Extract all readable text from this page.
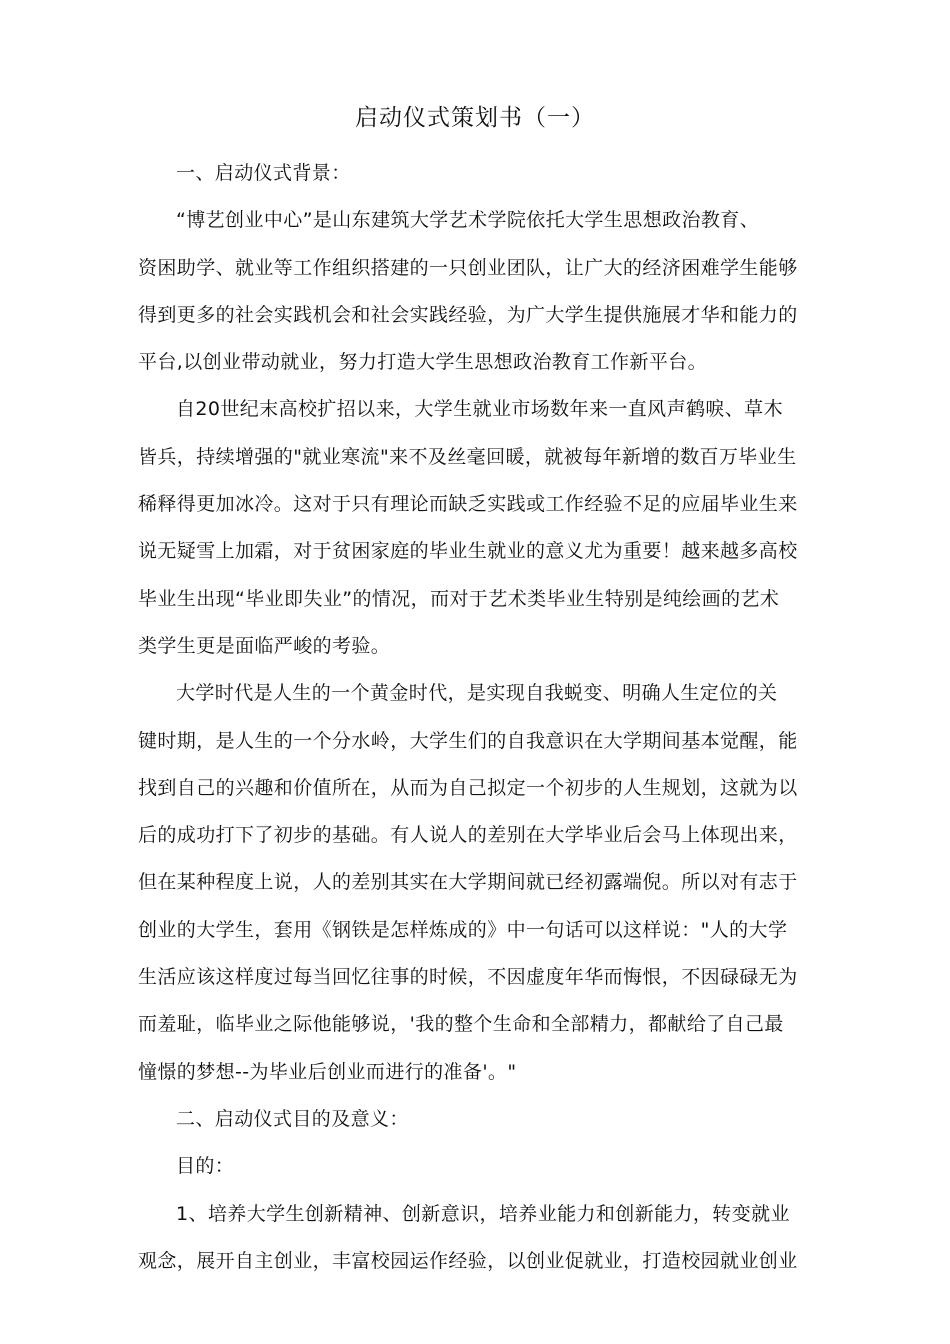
启动仪式策划书（一）

一、启动仪式背景：

“博艺创业中心”是山东建筑大学艺术学院依托大学生思想政治教育、
资困助学、就业等工作组织搭建的一只创业团队，让广大的经济困难学生能够
得到更多的社会实践机会和社会实践经验，为广大学生提供施展才华和能力的
平台,以创业带动就业，努力打造大学生思想政治教育工作新平台。

自20世纪末高校扩招以来，大学生就业市场数年来一直风声鹤唳、草木
皆兵，持续增强的"就业寒流"来不及丝毫回暖，就被每年新增的数百万毕业生
稀释得更加冰冷。这对于只有理论而缺乏实践或工作经验不足的应届毕业生来
说无疑雪上加霜，对于贫困家庭的毕业生就业的意义尤为重要！越来越多高校
毕业生出现“毕业即失业”的情况，而对于艺术类毕业生特别是纯绘画的艺术
类学生更是面临严峻的考验。

大学时代是人生的一个黄金时代，是实现自我蜕变、明确人生定位的关
键时期，是人生的一个分水岭，大学生们的自我意识在大学期间基本觉醒，能
找到自己的兴趣和价值所在，从而为自己拟定一个初步的人生规划，这就为以
后的成功打下了初步的基础。有人说人的差别在大学毕业后会马上体现出来，
但在某种程度上说，人的差别其实在大学期间就已经初露端倪。所以对有志于
创业的大学生，套用《钢铁是怎样炼成的》中一句话可以这样说："人的大学
生活应该这样度过每当回忆往事的时候，不因虚度年华而悔恨，不因碌碌无为
而羞耻，临毕业之际他能够说，'我的整个生命和全部精力，都献给了自己最
憧憬的梦想--为毕业后创业而进行的准备'。"

二、启动仪式目的及意义：

目的：

1、培养大学生创新精神、创新意识，培养业能力和创新能力，转变就业
观念，展开自主创业，丰富校园运作经验，以创业促就业，打造校园就业创业
